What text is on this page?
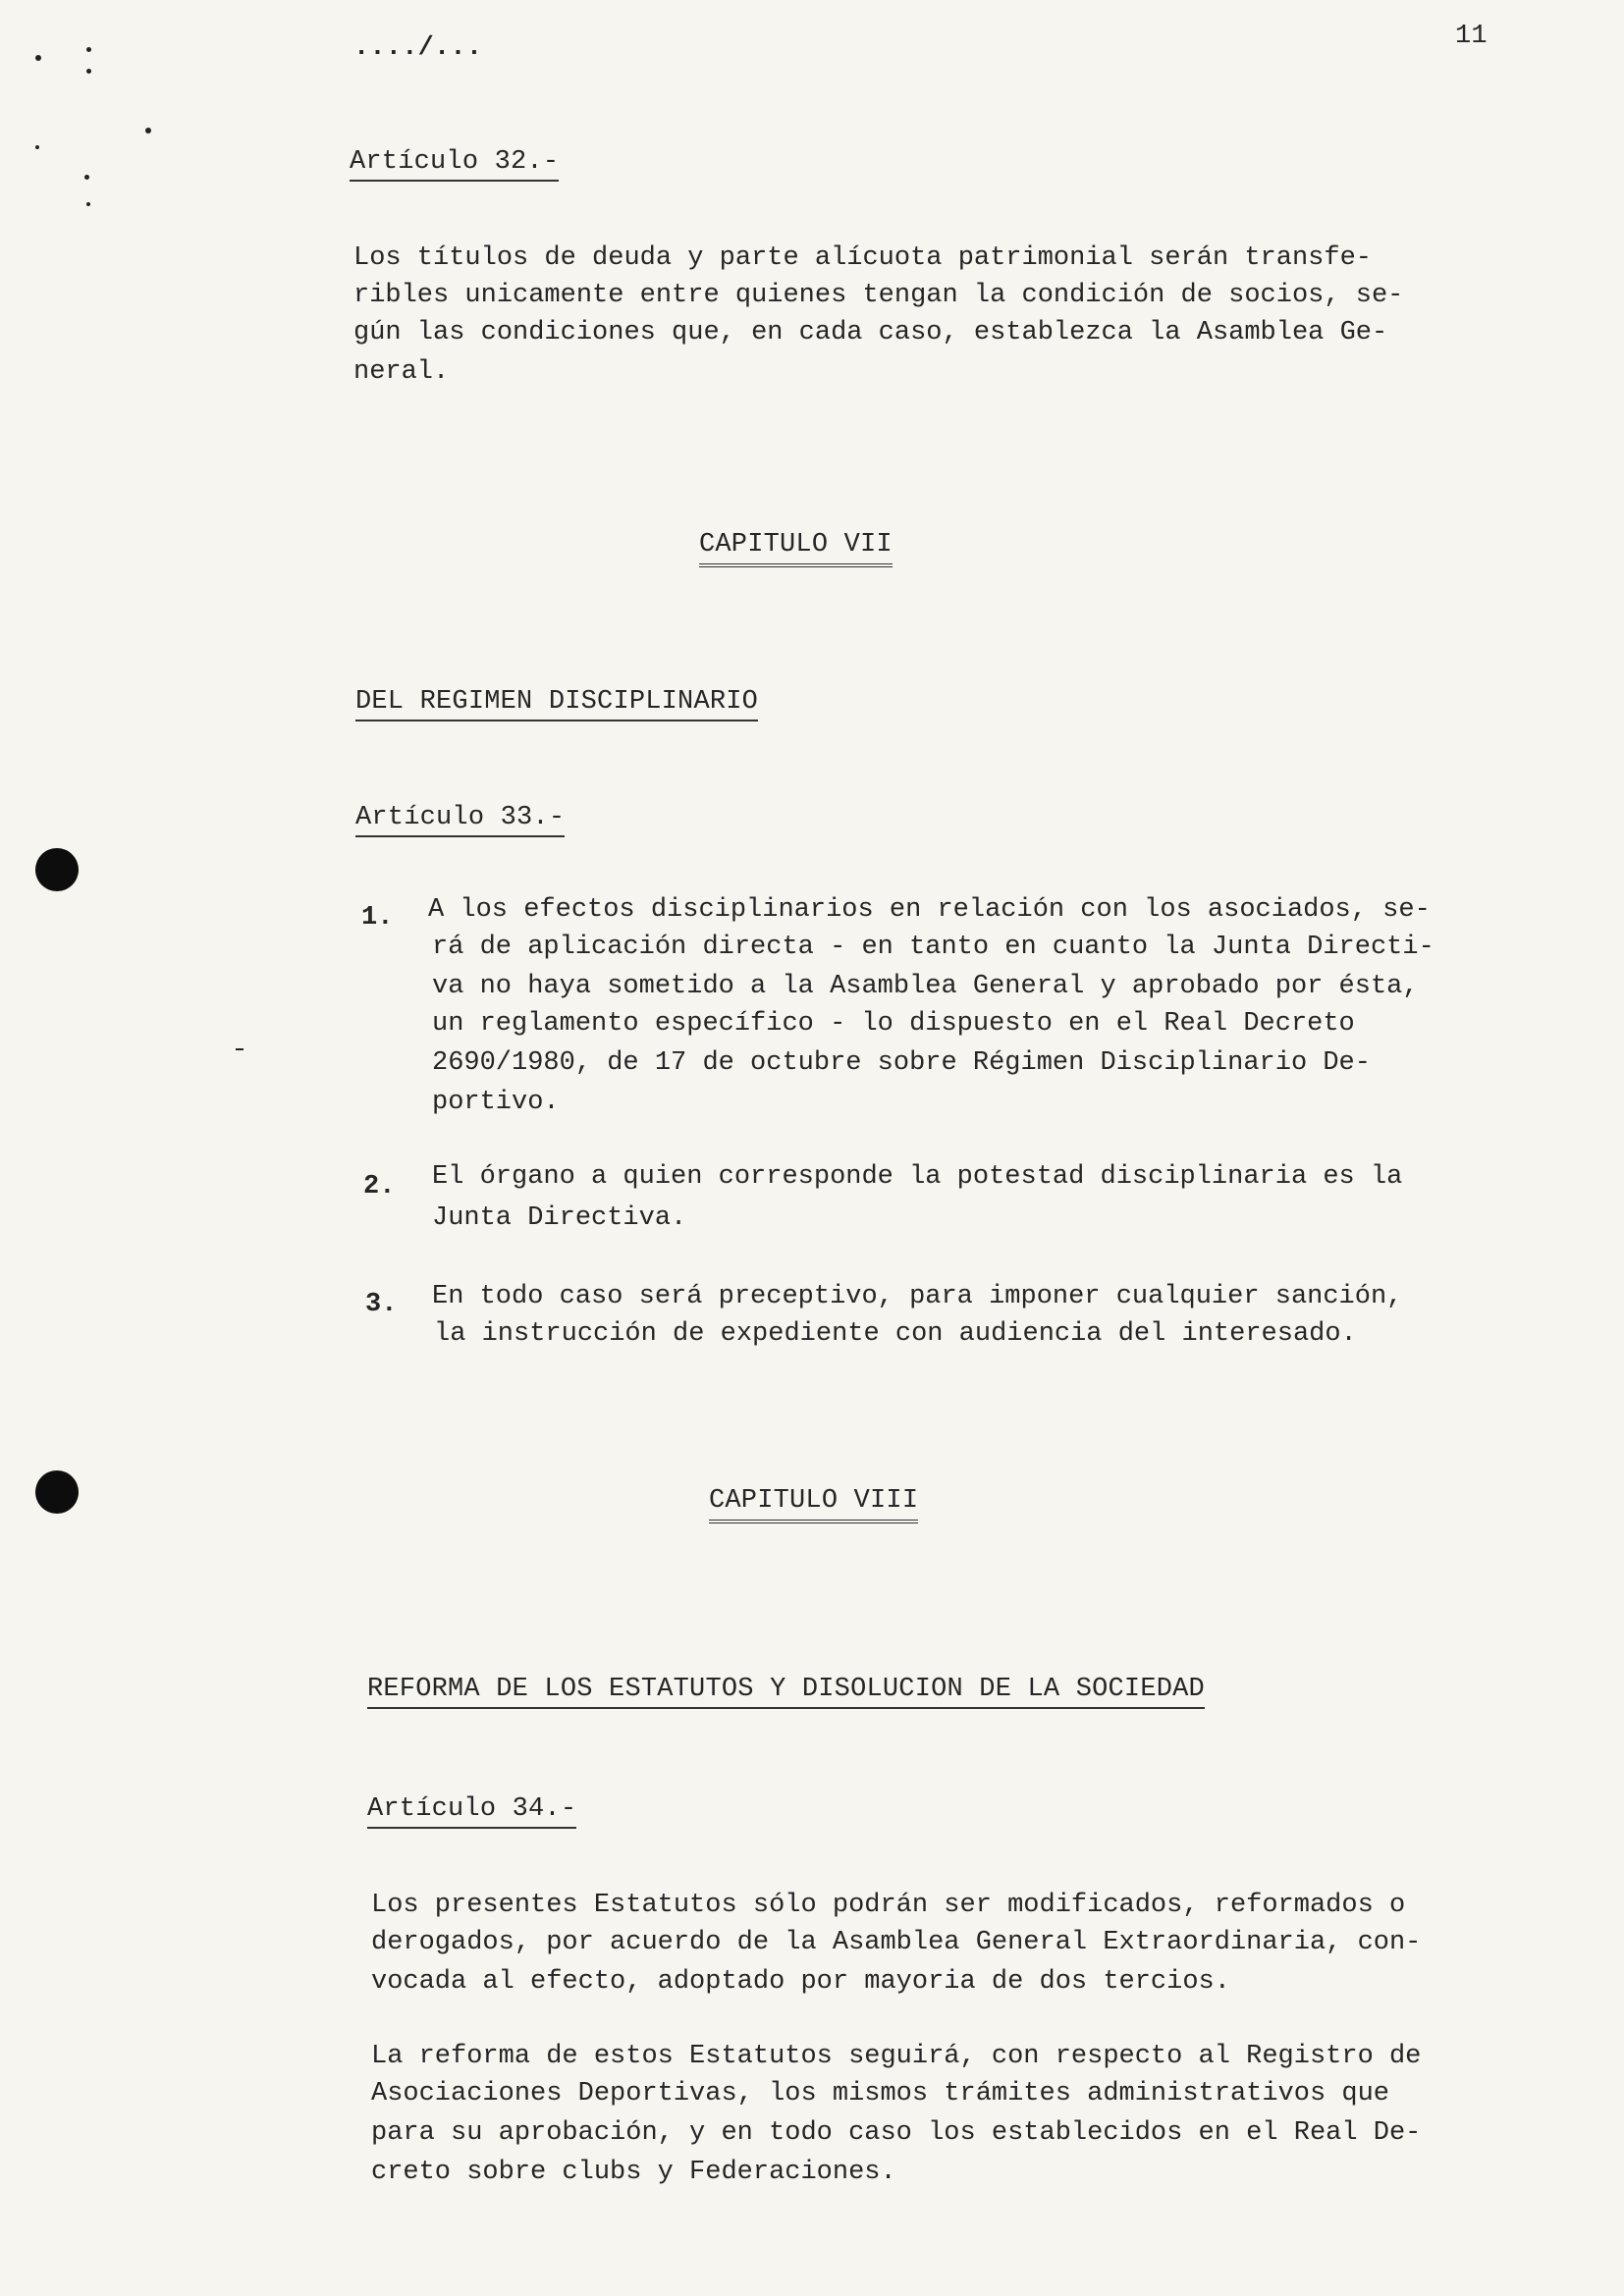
..../...	11
Artículo 32.-
Los títulos de deuda y parte alícuota patrimonial serán transfe-
ribles unicamente entre quienes tengan la condición de socios, se-
gún las condiciones que, en cada caso, establezca la Asamblea Ge-
neral.
CAPITULO VII
DEL REGIMEN DISCIPLINARIO
Artículo 33.-
1. A los efectos disciplinarios en relación con los asociados, se-
rá de aplicación directa - en tanto en cuanto la Junta Directi-
va no haya sometido a la Asamblea General y aprobado por ésta,
un reglamento específico - lo dispuesto en el Real Decreto
2690/1980, de 17 de octubre sobre Régimen Disciplinario De-
portivo.
2. El órgano a quien corresponde la potestad disciplinaria es la
Junta Directiva.
3. En todo caso será preceptivo, para imponer cualquier sanción,
la instrucción de expediente con audiencia del interesado.
CAPITULO VIII
REFORMA DE LOS ESTATUTOS Y DISOLUCION DE LA SOCIEDAD
Artículo 34.-
Los presentes Estatutos sólo podrán ser modificados, reformados o
derogados, por acuerdo de la Asamblea General Extraordinaria, con-
vocada al efecto, adoptado por mayoria de dos tercios.
La reforma de estos Estatutos seguirá, con respecto al Registro de
Asociaciones Deportivas, los mismos trámites administrativos que
para su aprobación, y en todo caso los establecidos en el Real De-
creto sobre clubs y Federaciones.
